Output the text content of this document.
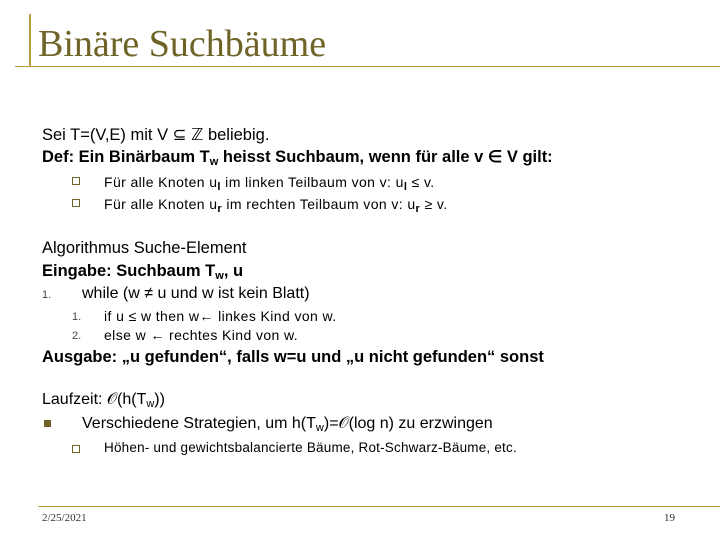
Binäre Suchbäume
Sei T=(V,E) mit V ⊆ ℤ beliebig.
Def: Ein Binärbaum $T_w$ heisst Suchbaum, wenn für alle v ∈ V gilt:
Für alle Knoten $u_l$ im linken Teilbaum von v: $u_l \le v$.
Für alle Knoten $u_r$ im rechten Teilbaum von v: $u_r \ge v$.
Algorithmus Suche-Element
Eingabe: Suchbaum $T_w$, u
1. while (w ≠ u und w ist kein Blatt)
1. if u ≤ w then w← linkes Kind von w.
2. else w ← rechtes Kind von w.
Ausgabe: „u gefunden“, falls w=u und „u nicht gefunden“ sonst
Laufzeit: $𝒪(h(T_w))$
Verschiedene Strategien, um $h(T_w)=𝒪(\log$ n) zu erzwingen
Höhen- und gewichtsbalancierte Bäume, Rot-Schwarz-Bäume, etc.
2/25/2021	19
